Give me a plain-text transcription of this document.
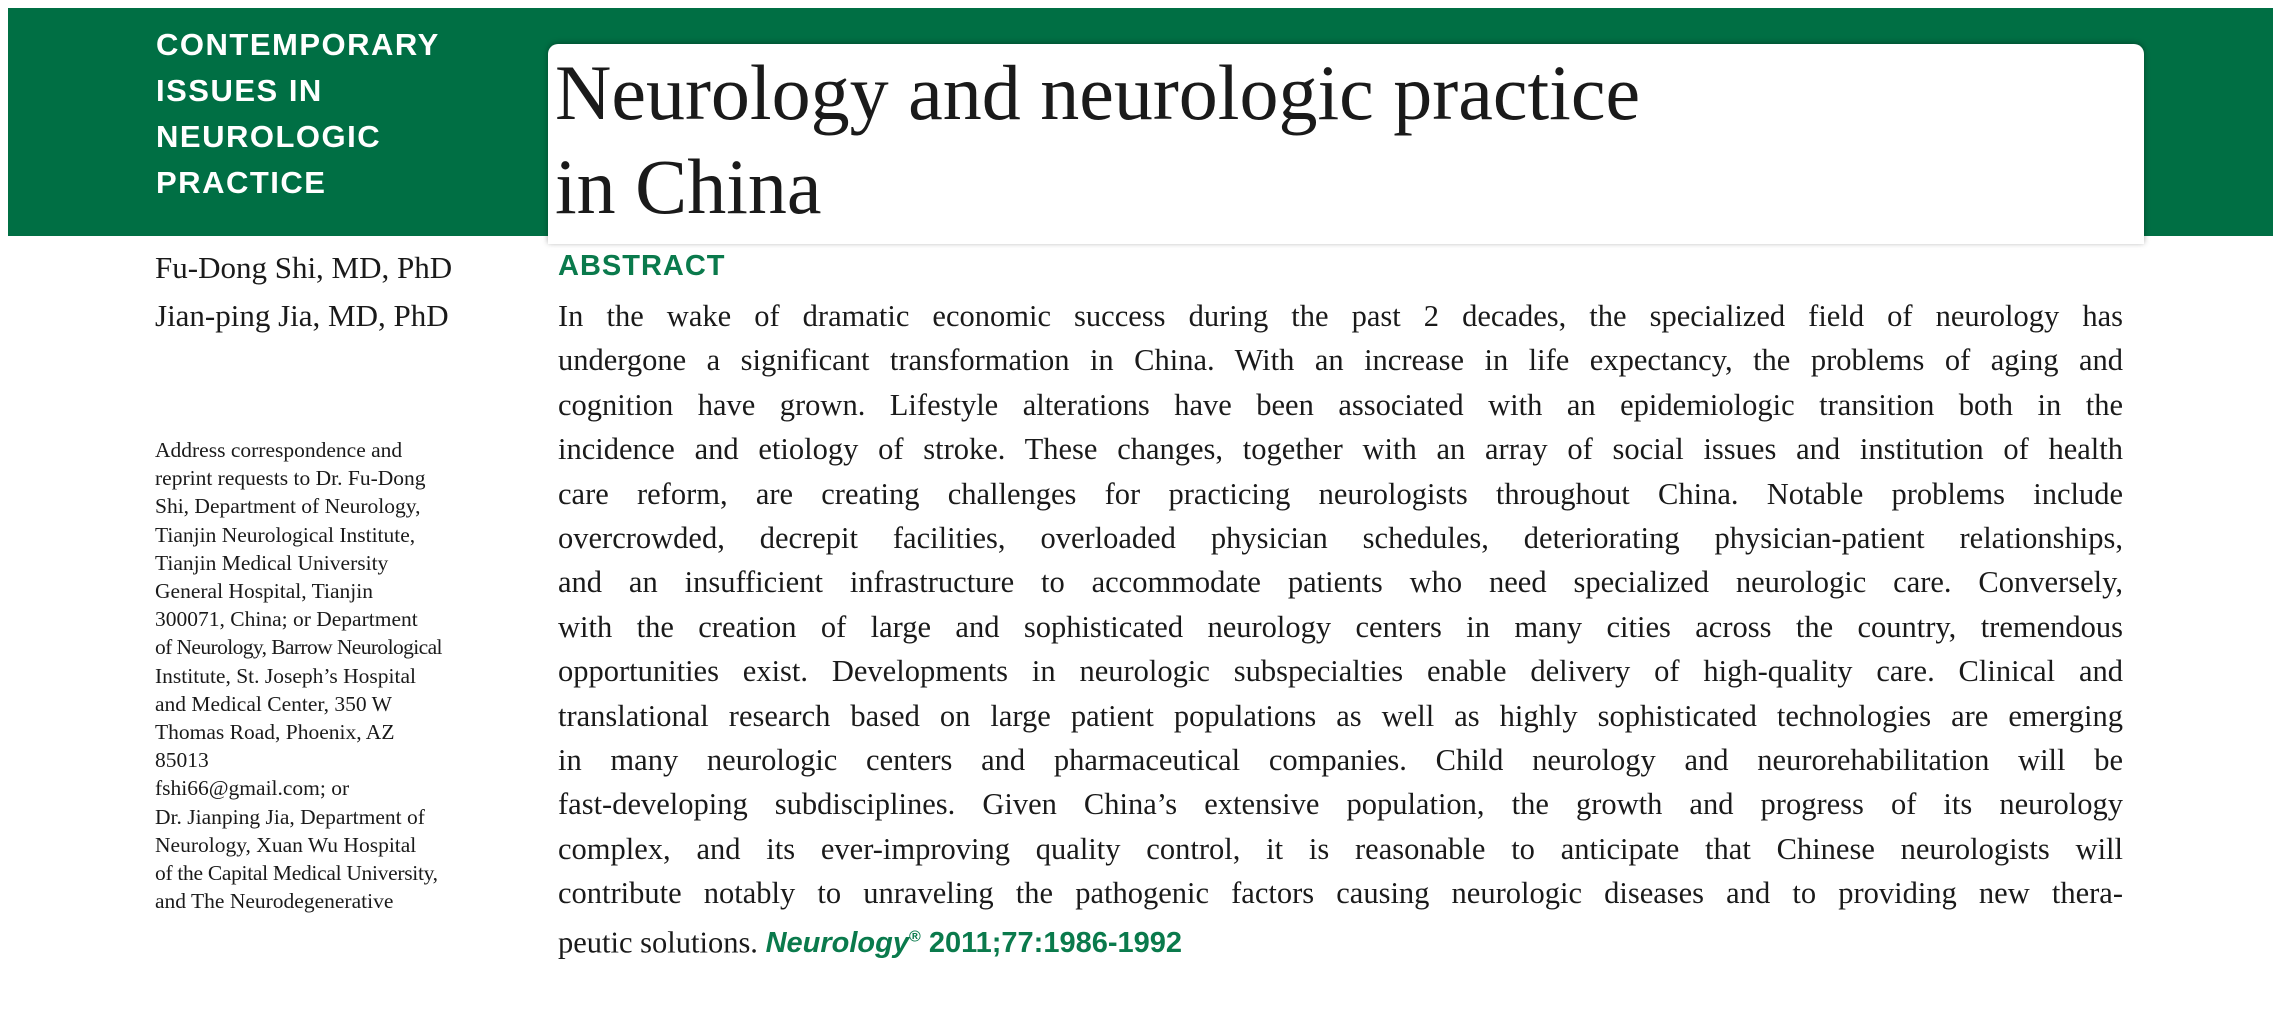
CONTEMPORARY
ISSUES IN
NEUROLOGIC
PRACTICE
Neurology and neurologic practice
in China
Fu-Dong Shi, MD, PhD
Jian-ping Jia, MD, PhD
Address correspondence and
reprint requests to Dr. Fu-Dong
Shi, Department of Neurology,
Tianjin Neurological Institute,
Tianjin Medical University
General Hospital, Tianjin
300071, China; or Department
of Neurology, Barrow Neurological
Institute, St. Joseph’s Hospital
and Medical Center, 350 W
Thomas Road, Phoenix, AZ
85013
fshi66@gmail.com; or
Dr. Jianping Jia, Department of
Neurology, Xuan Wu Hospital
of the Capital Medical University,
and The Neurodegenerative
ABSTRACT
In the wake of dramatic economic success during the past 2 decades, the specialized field of neurology has
undergone a significant transformation in China. With an increase in life expectancy, the problems of aging and
cognition have grown. Lifestyle alterations have been associated with an epidemiologic transition both in the
incidence and etiology of stroke. These changes, together with an array of social issues and institution of health
care reform, are creating challenges for practicing neurologists throughout China. Notable problems include
overcrowded, decrepit facilities, overloaded physician schedules, deteriorating physician-patient relationships,
and an insufficient infrastructure to accommodate patients who need specialized neurologic care. Conversely,
with the creation of large and sophisticated neurology centers in many cities across the country, tremendous
opportunities exist. Developments in neurologic subspecialties enable delivery of high-quality care. Clinical and
translational research based on large patient populations as well as highly sophisticated technologies are emerging
in many neurologic centers and pharmaceutical companies. Child neurology and neurorehabilitation will be
fast-developing subdisciplines. Given China’s extensive population, the growth and progress of its neurology
complex, and its ever-improving quality control, it is reasonable to anticipate that Chinese neurologists will
contribute notably to unraveling the pathogenic factors causing neurologic diseases and to providing new thera-
peutic solutions. Neurology® 2011;77:1986-1992
